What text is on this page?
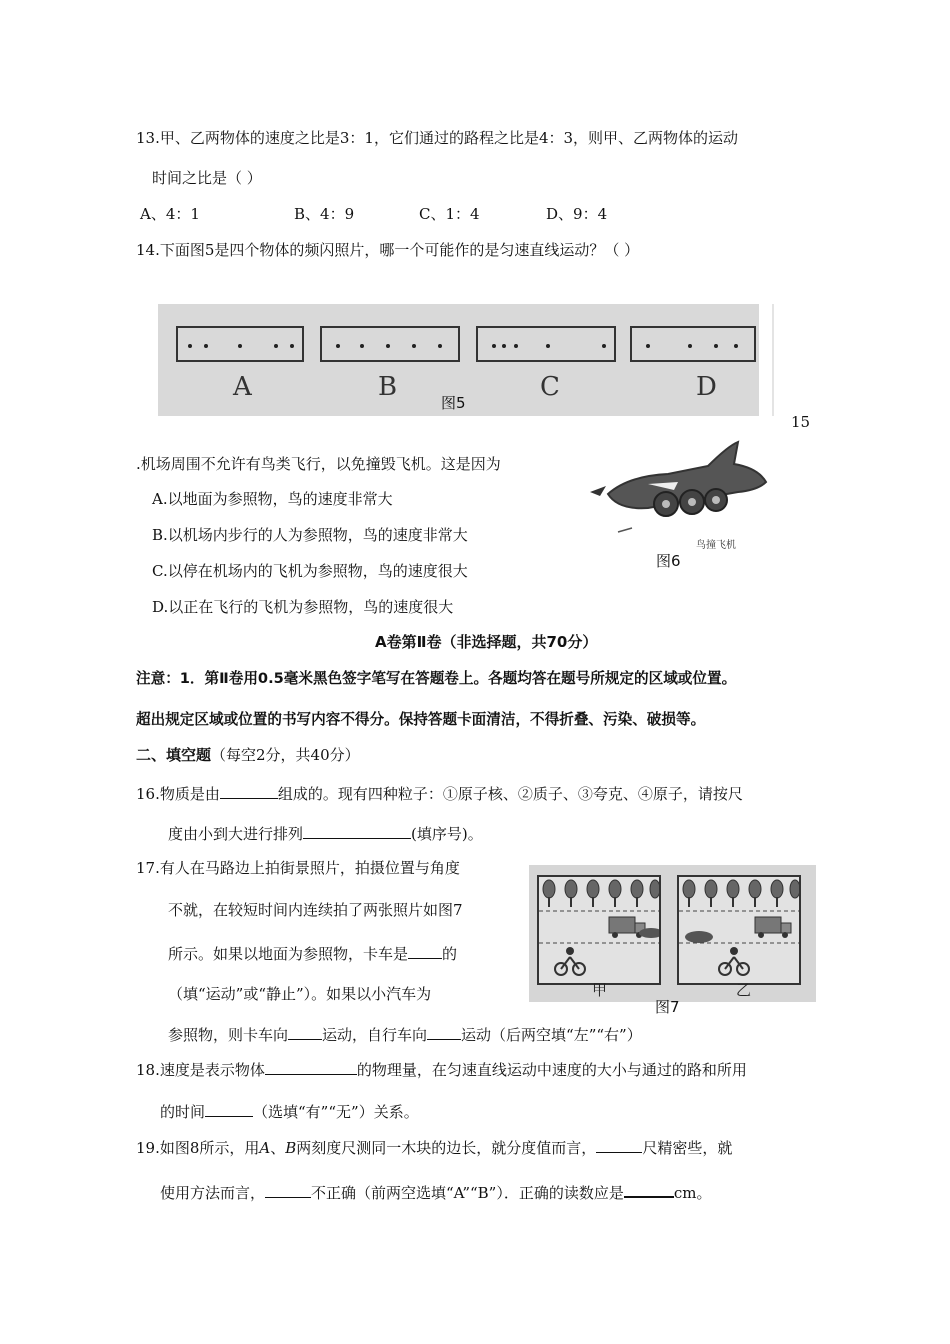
13.甲、乙两物体的速度之比是3：1，它们通过的路程之比是4：3，则甲、乙两物体的运动
时间之比是（ ）
A、4：1	B、4：9	C、1：4	D、9：4
14.下面图5是四个物体的频闪照片，哪一个可能作的是匀速直线运动？（ ）
A	B	C	D
图5
15
.机场周围不允许有鸟类飞行，以免撞毁飞机。这是因为
A.以地面为参照物，鸟的速度非常大
B.以机场内步行的人为参照物，鸟的速度非常大
C.以停在机场内的飞机为参照物，鸟的速度很大
D.以正在飞行的飞机为参照物，鸟的速度很大
鸟撞飞机
图6
A卷第Ⅱ卷（非选择题，共70分）
注意：1．第Ⅱ卷用0.5毫米黑色签字笔写在答题卷上。各题均答在题号所规定的区域或位置。
超出规定区域或位置的书写内容不得分。保持答题卡面清洁，不得折叠、污染、破损等。
二、填空题（每空2分，共40分）
16.物质是由	组成的。现有四种粒子：①原子核、②质子、③夸克、④原子，请按尺
度由小到大进行排列	(填序号)。
17.有人在马路边上拍街景照片，拍摄位置与角度
不就，在较短时间内连续拍了两张照片如图7
所示。如果以地面为参照物，卡车是 的
（填“运动”或“静止”）。如果以小汽车为
参照物，则卡车向 运动，自行车向 运动（后两空填“左”“右”）
甲	乙
图7
18.速度是表示物体	的物理量，在匀速直线运动中速度的大小与通过的路和所用
的时间	（选填“有”“无”）关系。
19.如图8所示，用A、B两刻度尺测同一木块的边长，就分度值而言，	尺精密些，就
使用方法而言，	不正确（前两空选填“A”“B”）．正确的读数应是	cm。
